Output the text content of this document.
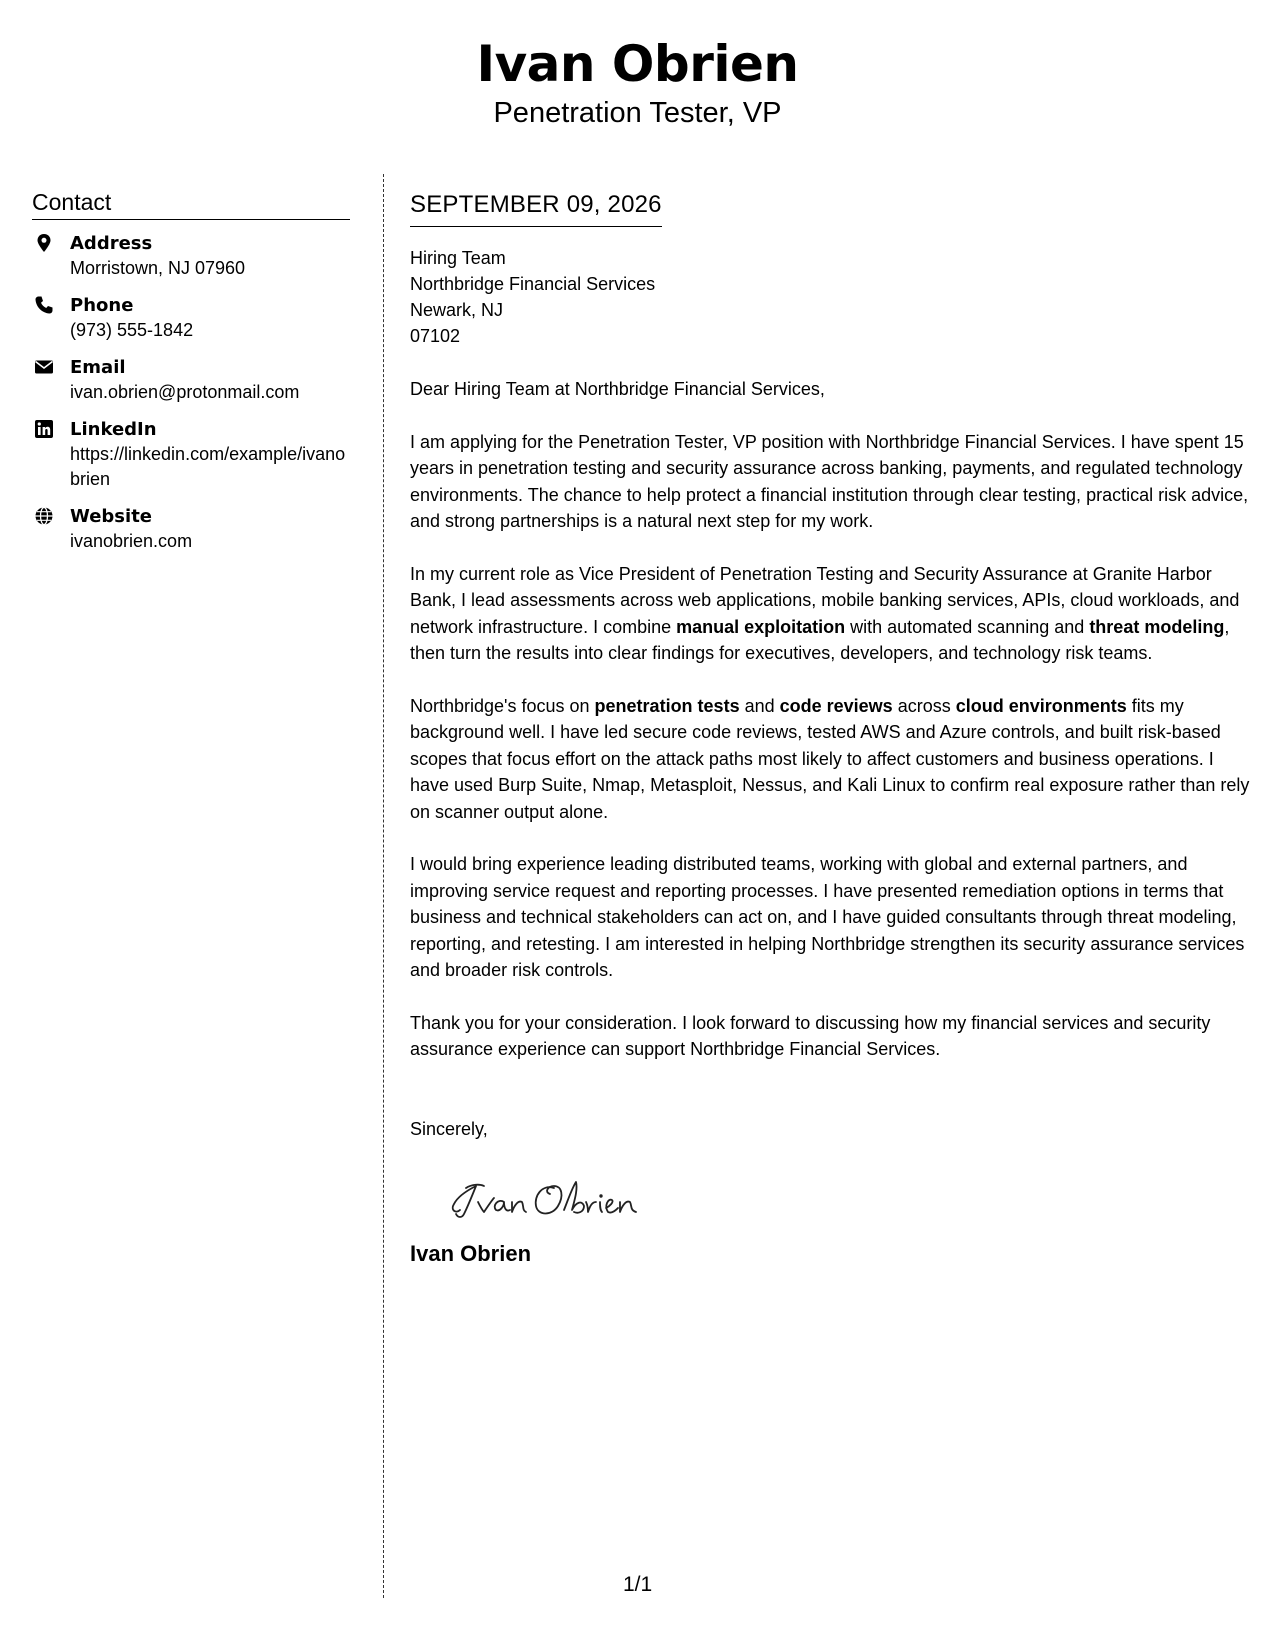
Ivan Obrien
Penetration Tester, VP
Contact
Address
Morristown, NJ 07960
Phone
(973) 555-1842
Email
ivan.obrien@protonmail.com
LinkedIn
https://linkedin.com/example/ivanobrien
Website
ivanobrien.com
SEPTEMBER 09, 2026
Hiring Team
Northbridge Financial Services
Newark, NJ
07102

Dear Hiring Team at Northbridge Financial Services,

I am applying for the Penetration Tester, VP position with Northbridge Financial Services. I have spent 15 years in penetration testing and security assurance across banking, payments, and regulated technology environments. The chance to help protect a financial institution through clear testing, practical risk advice, and strong partnerships is a natural next step for my work.

In my current role as Vice President of Penetration Testing and Security Assurance at Granite Harbor Bank, I lead assessments across web applications, mobile banking services, APIs, cloud workloads, and network infrastructure. I combine manual exploitation with automated scanning and threat modeling, then turn the results into clear findings for executives, developers, and technology risk teams.

Northbridge's focus on penetration tests and code reviews across cloud environments fits my background well. I have led secure code reviews, tested AWS and Azure controls, and built risk-based scopes that focus effort on the attack paths most likely to affect customers and business operations. I have used Burp Suite, Nmap, Metasploit, Nessus, and Kali Linux to confirm real exposure rather than rely on scanner output alone.

I would bring experience leading distributed teams, working with global and external partners, and improving service request and reporting processes. I have presented remediation options in terms that business and technical stakeholders can act on, and I have guided consultants through threat modeling, reporting, and retesting. I am interested in helping Northbridge strengthen its security assurance services and broader risk controls.

Thank you for your consideration. I look forward to discussing how my financial services and security assurance experience can support Northbridge Financial Services.

Sincerely,
Ivan Obrien
1/1
